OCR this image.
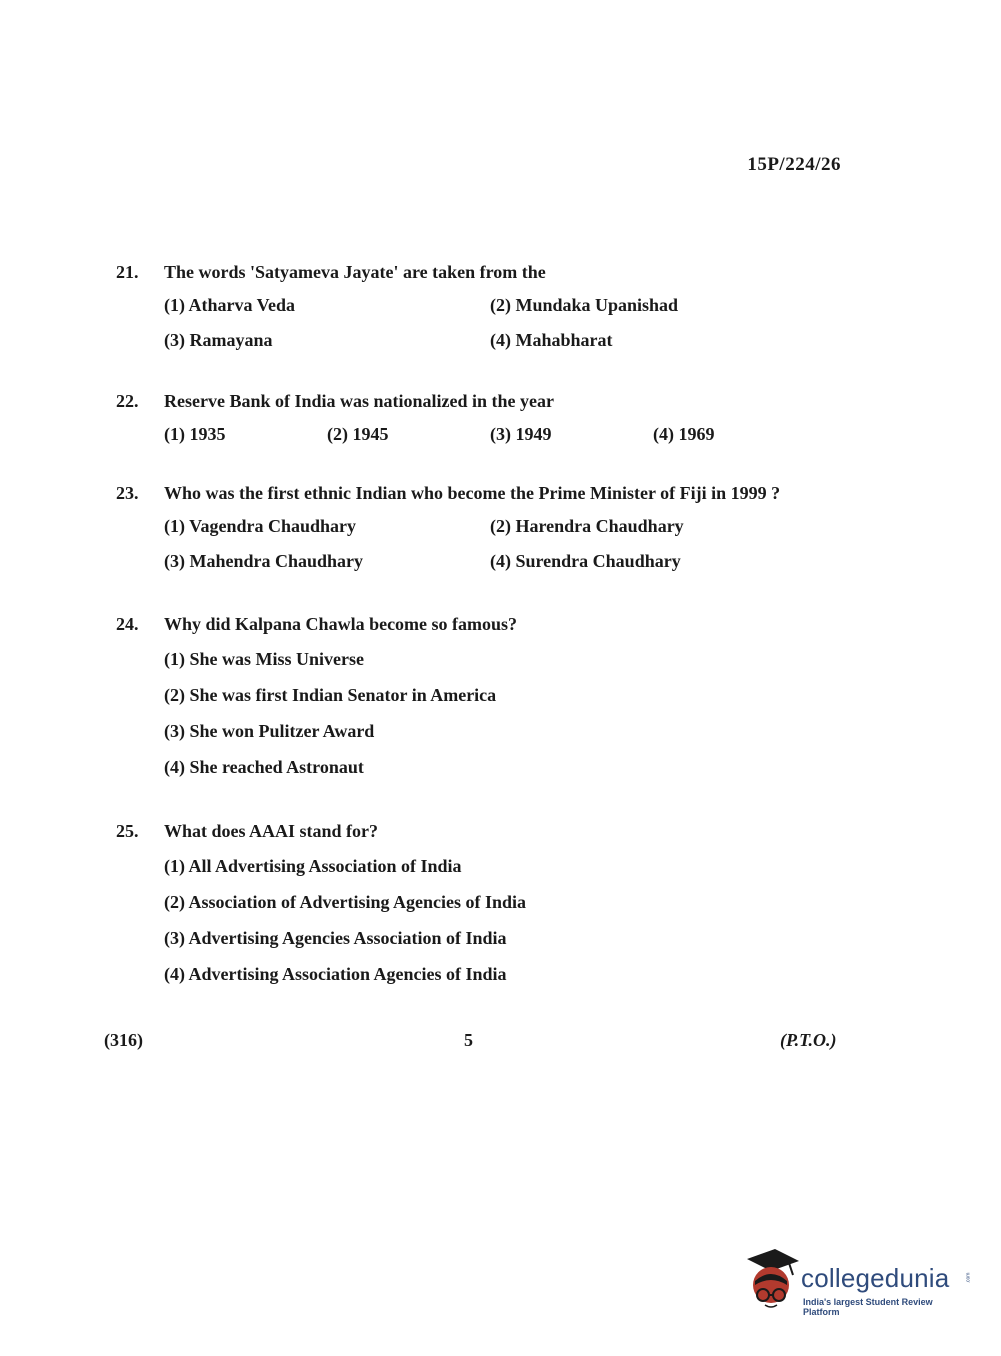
15P/224/26
21.	The words 'Satyameva Jayate' are taken from the
(1) Atharva Veda	(2) Mundaka Upanishad
(3) Ramayana	(4) Mahabharat
22.	Reserve Bank of India was nationalized in the year
(1) 1935	(2) 1945	(3) 1949	(4) 1969
23.	Who was the first ethnic Indian who become the Prime Minister of Fiji in 1999 ?
(1) Vagendra Chaudhary	(2) Harendra Chaudhary
(3) Mahendra Chaudhary	(4) Surendra Chaudhary
24.	Why did Kalpana Chawla become so famous?
(1) She was Miss Universe
(2) She was first Indian Senator in America
(3) She won Pulitzer Award
(4) She reached Astronaut
25.	What does AAAI stand for?
(1) All Advertising Association of India
(2) Association of Advertising Agencies of India
(3) Advertising Agencies Association of India
(4) Advertising Association Agencies of India
(316)	5	(P.T.O.)
collegedunia	.com
India's largest Student Review Platform
